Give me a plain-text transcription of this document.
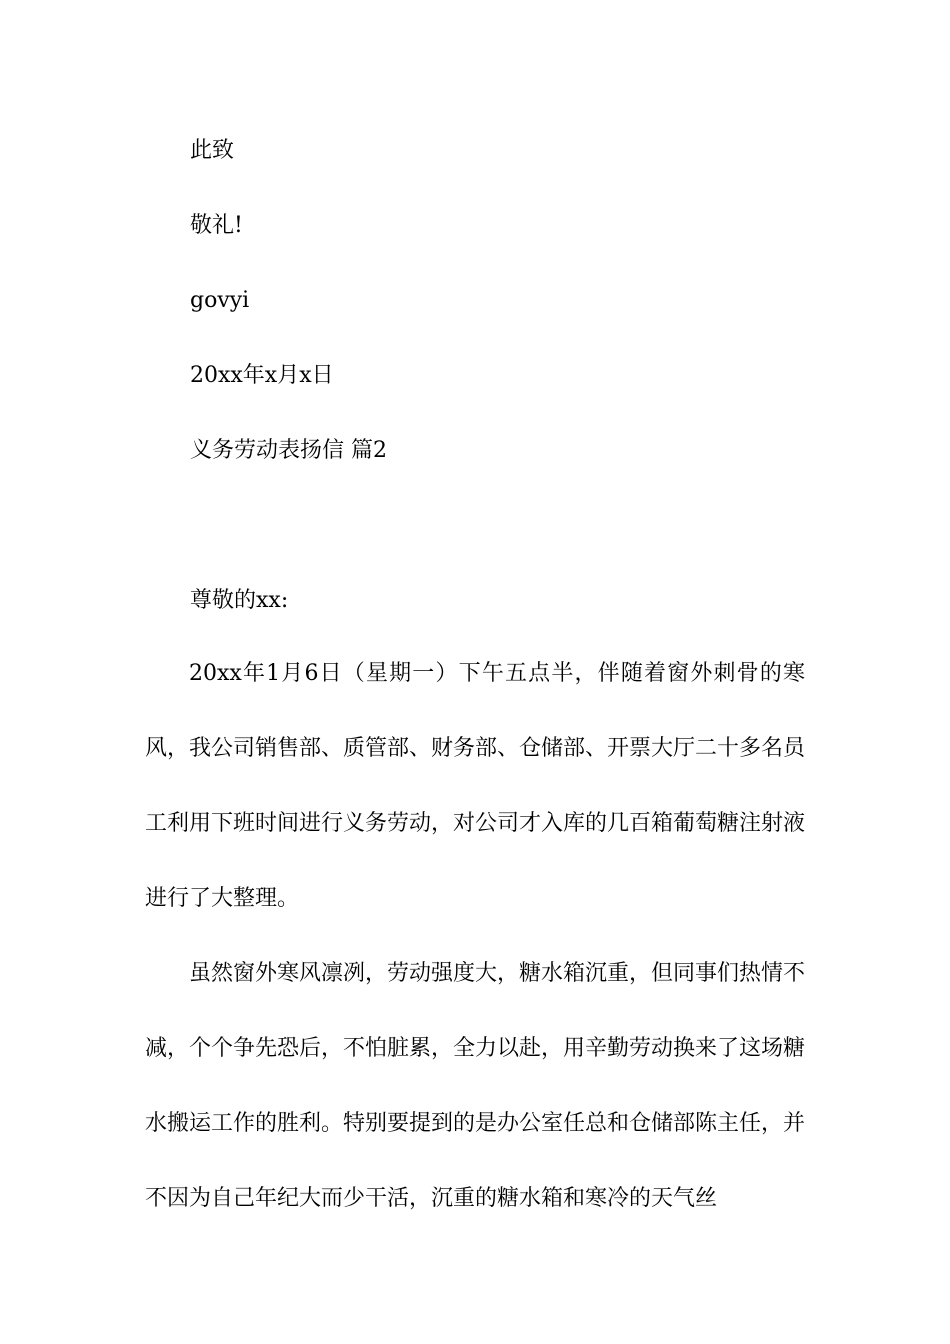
此致
敬礼!
govyi
20xx年x月x日
义务劳动表扬信 篇2
尊敬的xx:
20xx年1月6日（星期一）下午五点半，伴随着窗外刺骨的寒风，我公司销售部、质管部、财务部、仓储部、开票大厅二十多名员工利用下班时间进行义务劳动，对公司才入库的几百箱葡萄糖注射液进行了大整理。
虽然窗外寒风凛冽，劳动强度大，糖水箱沉重，但同事们热情不减，个个争先恐后，不怕脏累，全力以赴，用辛勤劳动换来了这场糖水搬运工作的胜利。特别要提到的是办公室任总和仓储部陈主任，并不因为自己年纪大而少干活，沉重的糖水箱和寒冷的天气丝
